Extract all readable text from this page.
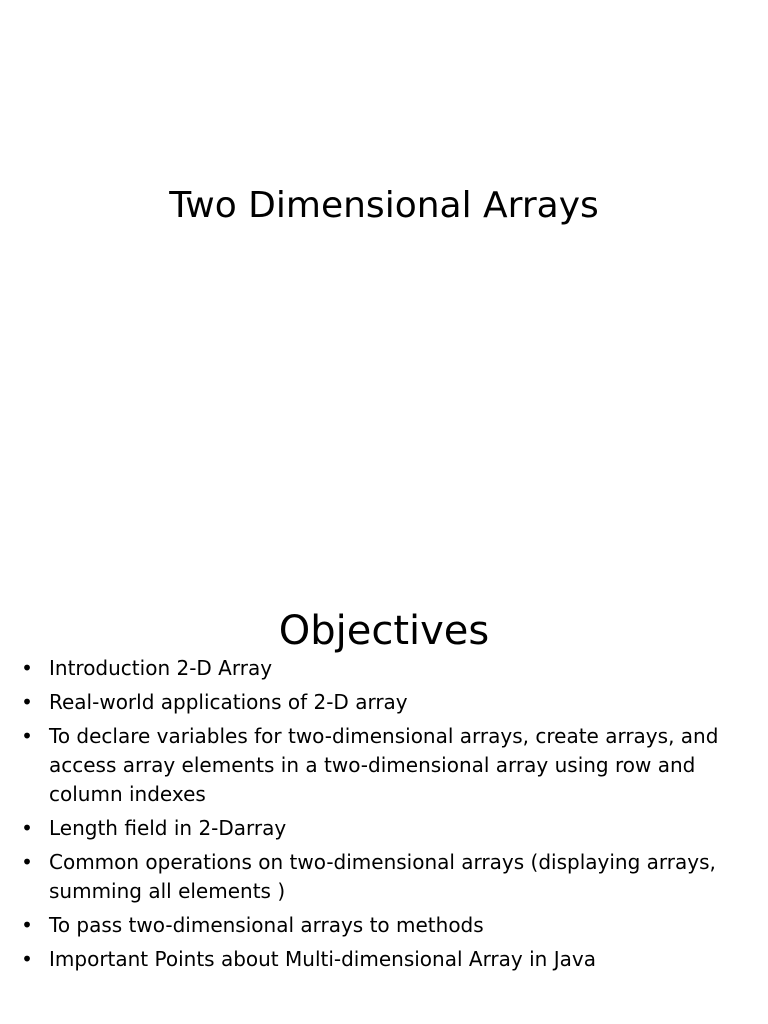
Two Dimensional Arrays
Objectives
• Introduction 2-D Array
• Real-world applications of 2-D array
• To declare variables for two-dimensional arrays, create arrays, and access array elements in a two-dimensional array using row and column indexes
• Length field in 2-Darray
• Common operations on two-dimensional arrays (displaying arrays, summing all elements )
• To pass two-dimensional arrays to methods
• Important Points about Multi-dimensional Array in Java
